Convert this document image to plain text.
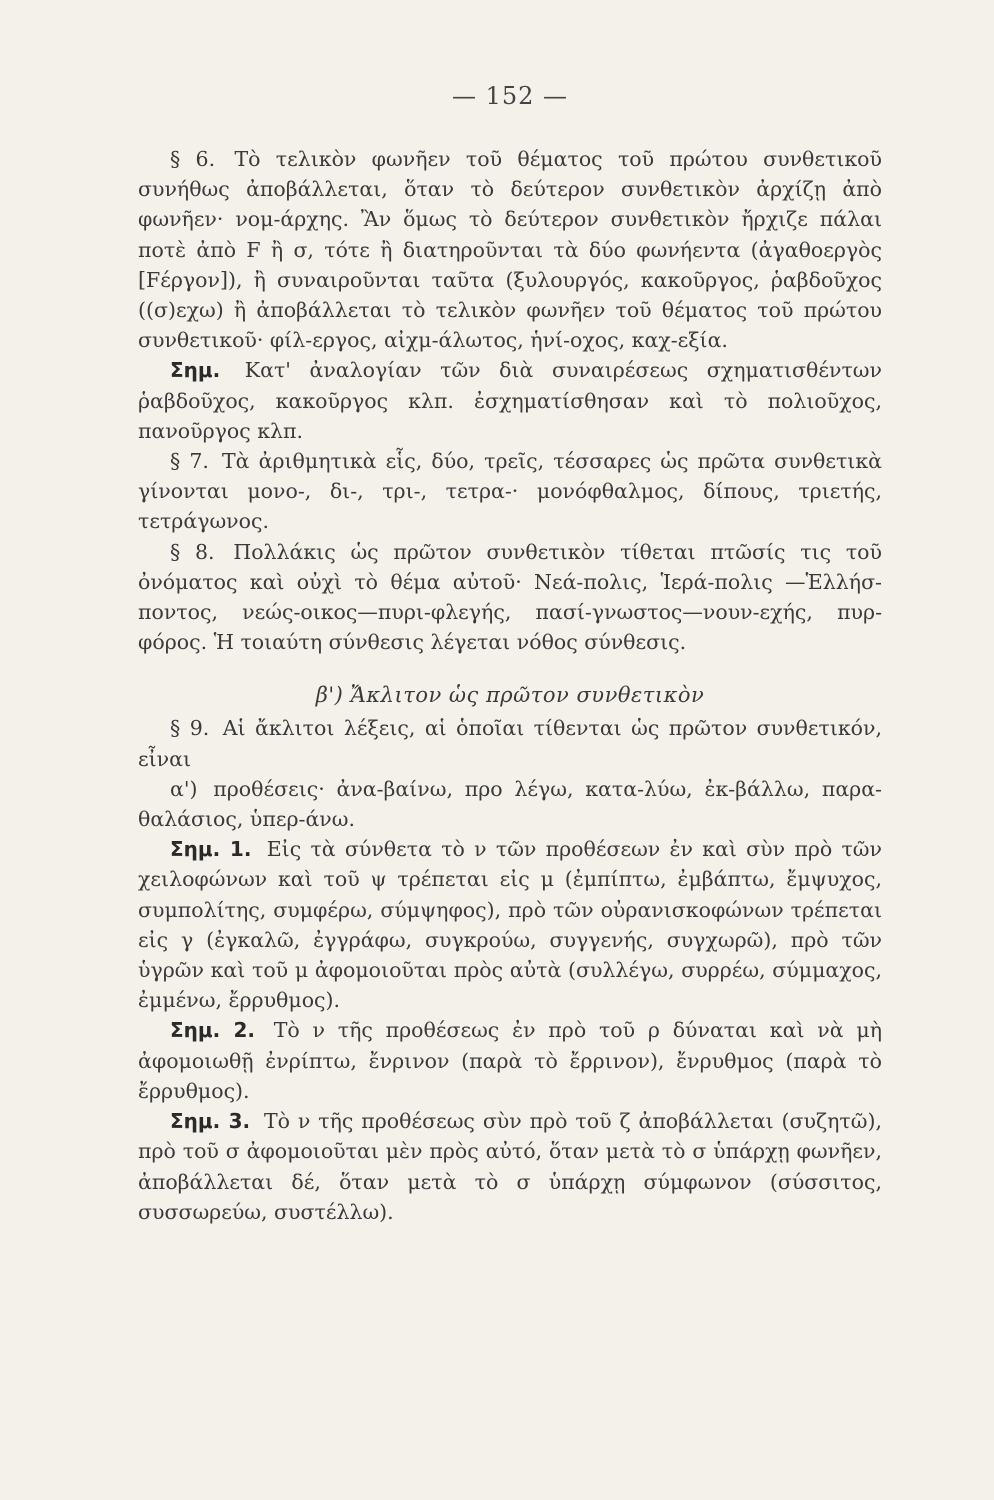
— 152 —

§ 6. Τὸ τελικὸν φωνῆεν τοῦ θέματος τοῦ πρώτου συνθετικοῦ συνήθως ἀποβάλλεται, ὅταν τὸ δεύτερον συνθετικὸν ἀρχίζῃ ἀπὸ φωνῆεν· νομ-άρχης. Ἂν ὅμως τὸ δεύτερον συνθετικὸν ἤρχιζε πάλαι ποτὲ ἀπὸ F ἢ σ, τότε ἢ διατηροῦνται τὰ δύο φωνήεντα (ἀγαθοεργὸς [Fέργον]), ἢ συναιροῦνται ταῦτα (ξυλουργός, κακοῦργος, ῥαβδοῦχος ((σ)εχω) ἢ ἀποβάλλεται τὸ τελικὸν φωνῆεν τοῦ θέματος τοῦ πρώτου συνθετικοῦ· φίλ-εργος, αἰχμ-άλωτος, ἡνί-οχος, καχ-εξία.

Σημ. Κατ' ἀναλογίαν τῶν διὰ συναιρέσεως σχηματισθέντων ῥαβδοῦχος, κακοῦργος κλπ. ἐσχηματίσθησαν καὶ τὸ πολιοῦχος, πανοῦργος κλπ.

§ 7. Τὰ ἀριθμητικὰ εἷς, δύο, τρεῖς, τέσσαρες ὡς πρῶτα συνθετικὰ γίνονται μονο-, δι-, τρι-, τετρα-· μονόφθαλμος, δίπους, τριετής, τετράγωνος.

§ 8. Πολλάκις ὡς πρῶτον συνθετικὸν τίθεται πτῶσίς τις τοῦ ὀνόματος καὶ οὐχὶ τὸ θέμα αὐτοῦ· Νεά-πολις, Ἱερά-πολις —Ἑλλήσ-ποντος, νεώς-οικος—πυρι-φλεγής, πασί-γνωστος—νουν-εχής, πυρ-φόρος. Ἡ τοιαύτη σύνθεσις λέγεται νόθος σύνθεσις.

β') Ἄκλιτον ὡς πρῶτον συνθετικὸν

§ 9. Αἱ ἄκλιτοι λέξεις, αἱ ὁποῖαι τίθενται ὡς πρῶτον συνθετικόν, εἶναι

α') προθέσεις· ἀνα-βαίνω, προ λέγω, κατα-λύω, ἐκ-βάλλω, παρα-θαλάσιος, ὑπερ-άνω.

Σημ. 1. Εἰς τὰ σύνθετα τὸ ν τῶν προθέσεων ἐν καὶ σὺν πρὸ τῶν χειλοφώνων καὶ τοῦ ψ τρέπεται εἰς μ (ἐμπίπτω, ἐμβάπτω, ἔμψυχος, συμπολίτης, συμφέρω, σύμψηφος), πρὸ τῶν οὐρανισκοφώνων τρέπεται εἰς γ (ἐγκαλῶ, ἐγγράφω, συγκρούω, συγγενής, συγχωρῶ), πρὸ τῶν ὑγρῶν καὶ τοῦ μ ἀφομοιοῦται πρὸς αὐτὰ (συλλέγω, συρρέω, σύμμαχος, ἐμμένω, ἔρρυθμος).

Σημ. 2. Τὸ ν τῆς προθέσεως ἐν πρὸ τοῦ ρ δύναται καὶ νὰ μὴ ἀφομοιωθῇ ἐνρίπτω, ἔνρινον (παρὰ τὸ ἔρρινον), ἔνρυθμος (παρὰ τὸ ἔρρυθμος).

Σημ. 3. Τὸ ν τῆς προθέσεως σὺν πρὸ τοῦ ζ ἀποβάλλεται (συζητῶ), πρὸ τοῦ σ ἀφομοιοῦται μὲν πρὸς αὐτό, ὅταν μετὰ τὸ σ ὑπάρχῃ φωνῆεν, ἀποβάλλεται δέ, ὅταν μετὰ τὸ σ ὑπάρχῃ σύμφωνον (σύσσιτος, συσσωρεύω, συστέλλω).
